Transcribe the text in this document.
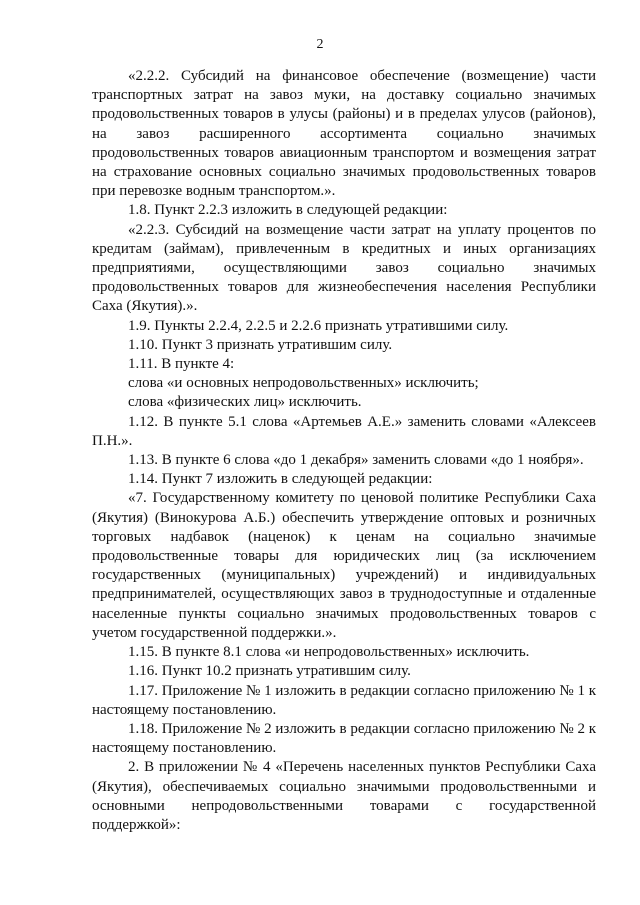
2

«2.2.2. Субсидий на финансовое обеспечение (возмещение) части транспортных затрат на завоз муки, на доставку социально значимых продовольственных товаров в улусы (районы) и в пределах улусов (районов), на завоз расширенного ассортимента социально значимых продовольственных товаров авиационным транспортом и возмещения затрат на страхование основных социально значимых продовольственных товаров при перевозке водным транспортом.».

1.8. Пункт 2.2.3 изложить в следующей редакции:

«2.2.3. Субсидий на возмещение части затрат на уплату процентов по кредитам (займам), привлеченным в кредитных и иных организациях предприятиями, осуществляющими завоз социально значимых продовольственных товаров для жизнеобеспечения населения Республики Саха (Якутия).».

1.9. Пункты 2.2.4, 2.2.5 и 2.2.6 признать утратившими силу.

1.10. Пункт 3 признать утратившим силу.

1.11. В пункте 4:

слова «и основных непродовольственных» исключить;

слова «физических лиц» исключить.

1.12. В пункте 5.1 слова «Артемьев А.Е.» заменить словами «Алексеев П.Н.».

1.13. В пункте 6 слова «до 1 декабря» заменить словами «до 1 ноября».

1.14. Пункт 7 изложить в следующей редакции:

«7. Государственному комитету по ценовой политике Республики Саха (Якутия) (Винокурова А.Б.) обеспечить утверждение оптовых и розничных торговых надбавок (наценок) к ценам на социально значимые продовольственные товары для юридических лиц (за исключением государственных (муниципальных) учреждений) и индивидуальных предпринимателей, осуществляющих завоз в труднодоступные и отдаленные населенные пункты социально значимых продовольственных товаров с учетом государственной поддержки.».

1.15. В пункте 8.1 слова «и непродовольственных» исключить.

1.16. Пункт 10.2 признать утратившим силу.

1.17. Приложение № 1 изложить в редакции согласно приложению № 1 к настоящему постановлению.

1.18. Приложение № 2 изложить в редакции согласно приложению № 2 к настоящему постановлению.

2. В приложении № 4 «Перечень населенных пунктов Республики Саха (Якутия), обеспечиваемых социально значимыми продовольственными и основными непродовольственными товарами с государственной поддержкой»:
